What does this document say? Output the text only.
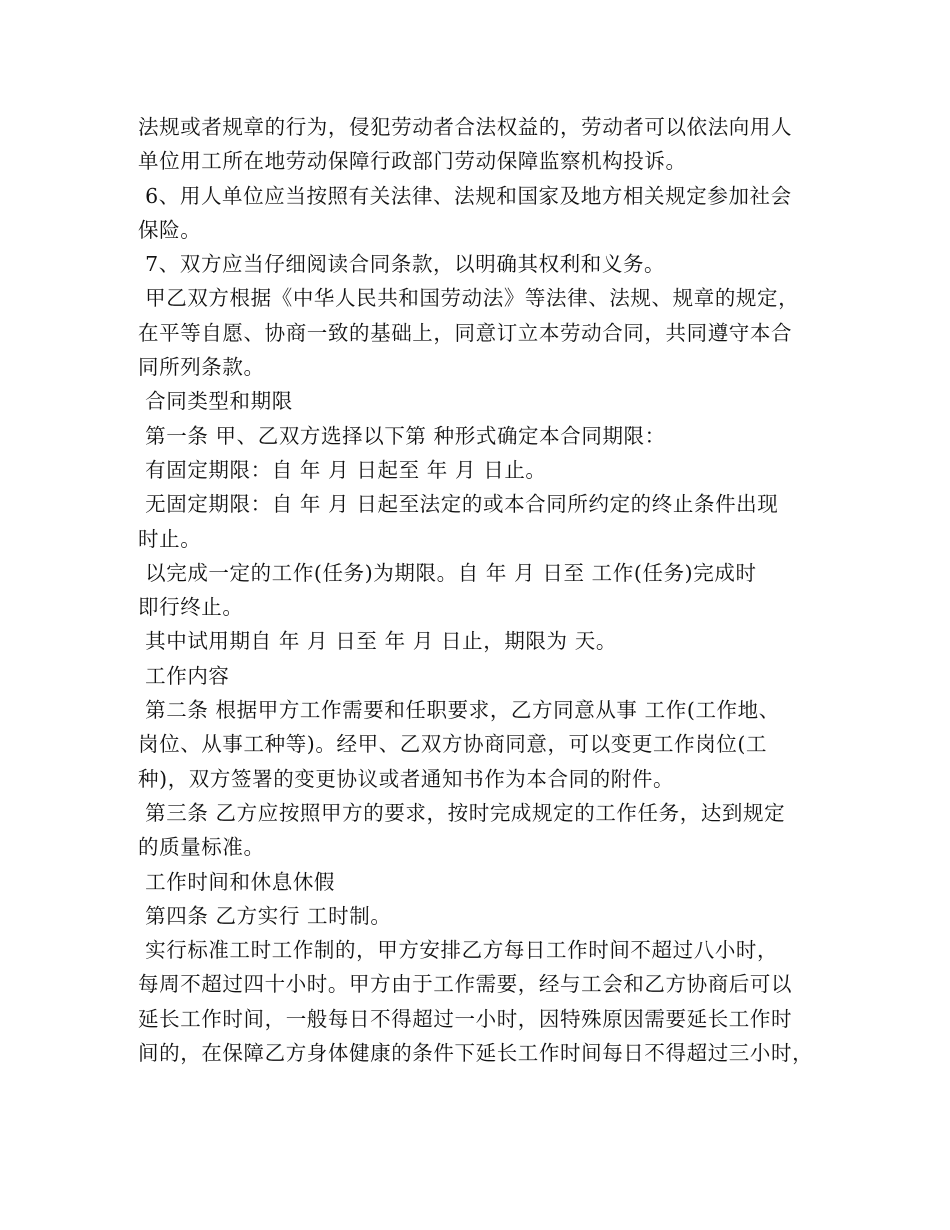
法规或者规章的行为，侵犯劳动者合法权益的，劳动者可以依法向用人
单位用工所在地劳动保障行政部门劳动保障监察机构投诉。
6、用人单位应当按照有关法律、法规和国家及地方相关规定参加社会
保险。
7、双方应当仔细阅读合同条款，以明确其权利和义务。
甲乙双方根据《中华人民共和国劳动法》等法律、法规、规章的规定，
在平等自愿、协商一致的基础上，同意订立本劳动合同，共同遵守本合
同所列条款。
合同类型和期限
第一条 甲、乙双方选择以下第 种形式确定本合同期限：
有固定期限：自 年 月 日起至 年 月 日止。
无固定期限：自 年 月 日起至法定的或本合同所约定的终止条件出现
时止。
以完成一定的工作(任务)为期限。自 年 月 日至 工作(任务)完成时
即行终止。
其中试用期自 年 月 日至 年 月 日止，期限为 天。
工作内容
第二条 根据甲方工作需要和任职要求，乙方同意从事 工作(工作地、
岗位、从事工种等)。经甲、乙双方协商同意，可以变更工作岗位(工
种)，双方签署的变更协议或者通知书作为本合同的附件。
第三条 乙方应按照甲方的要求，按时完成规定的工作任务，达到规定
的质量标准。
工作时间和休息休假
第四条 乙方实行 工时制。
实行标准工时工作制的，甲方安排乙方每日工作时间不超过八小时，
每周不超过四十小时。甲方由于工作需要，经与工会和乙方协商后可以
延长工作时间，一般每日不得超过一小时，因特殊原因需要延长工作时
间的，在保障乙方身体健康的条件下延长工作时间每日不得超过三小时，
